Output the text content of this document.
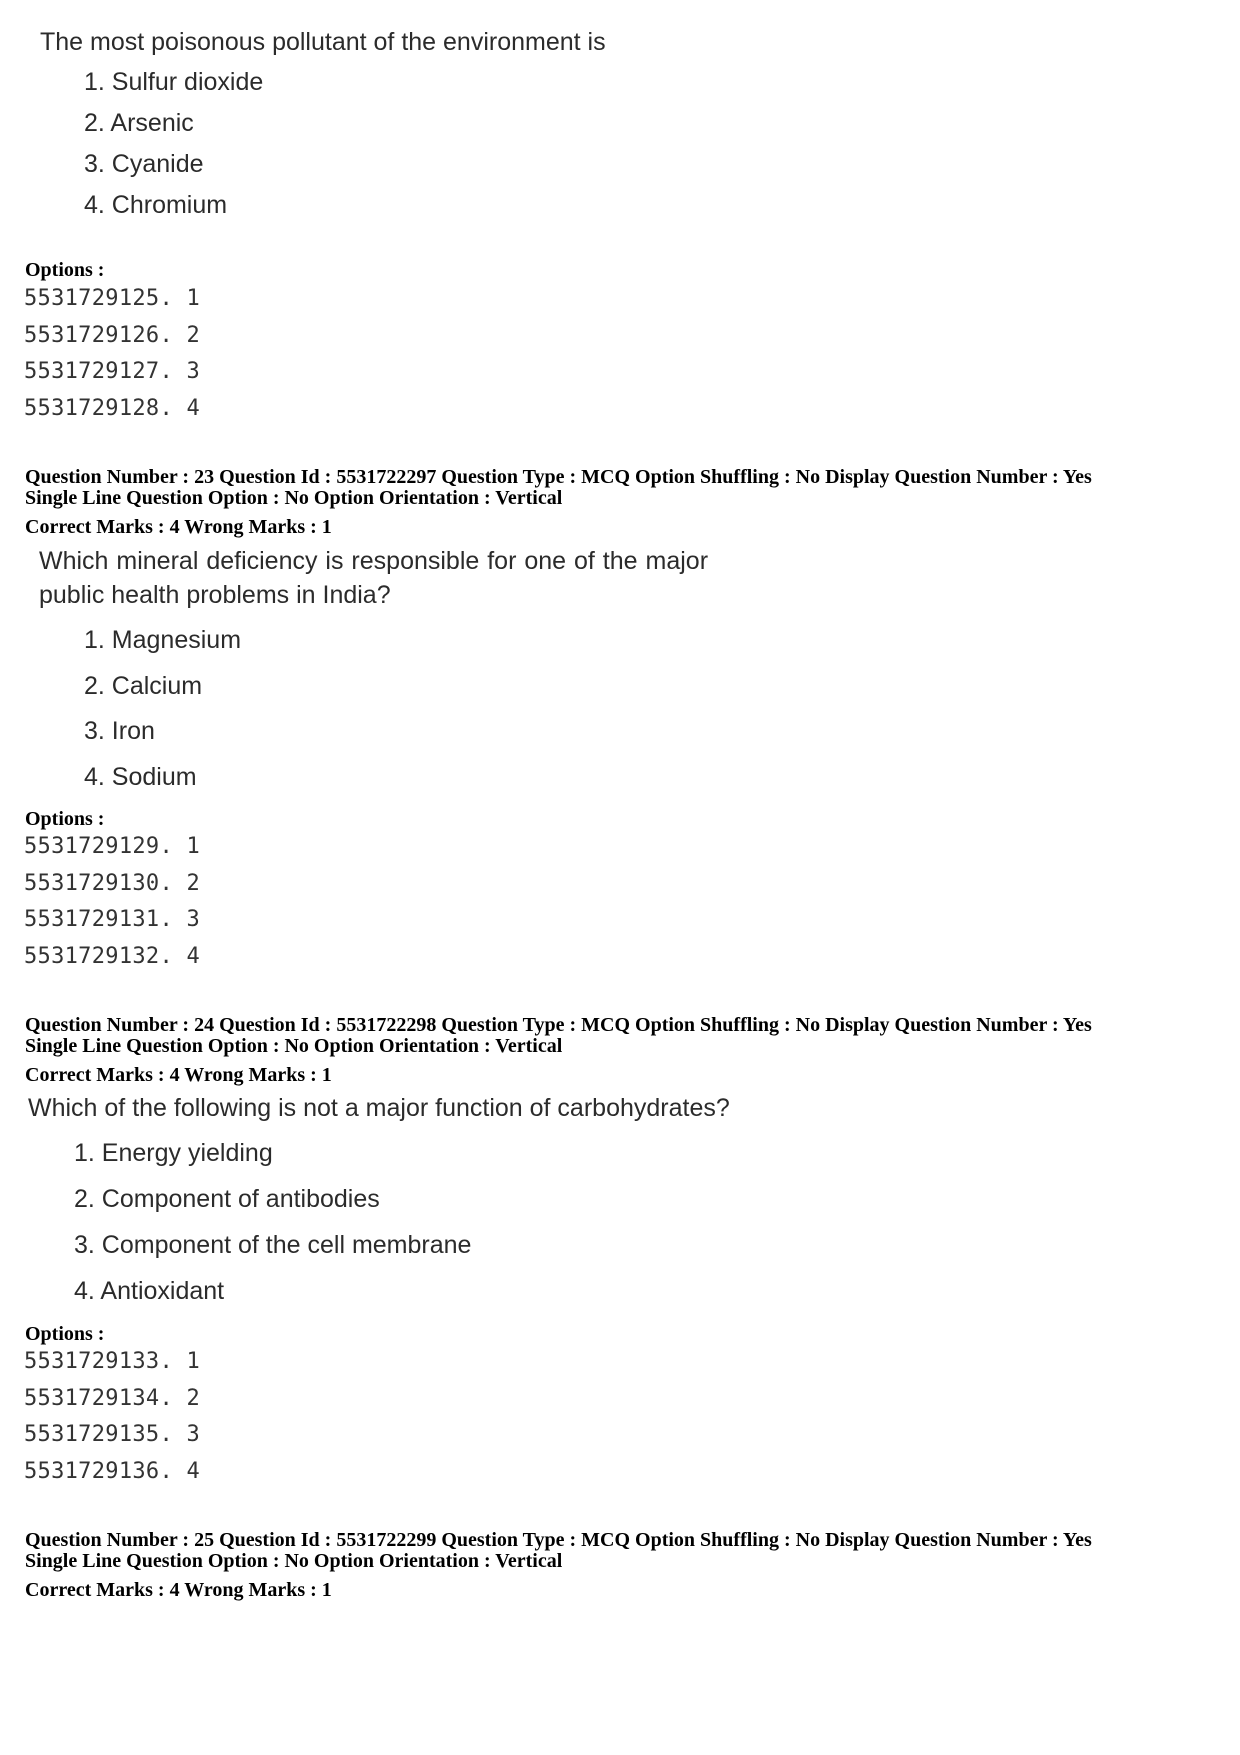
The most poisonous pollutant of the environment is
1. Sulfur dioxide
2. Arsenic
3. Cyanide
4. Chromium
Options :
5531729125. 1
5531729126. 2
5531729127. 3
5531729128. 4
Question Number : 23 Question Id : 5531722297 Question Type : MCQ Option Shuffling : No Display Question Number : Yes
Single Line Question Option : No Option Orientation : Vertical
Correct Marks : 4 Wrong Marks : 1
Which mineral deficiency is responsible for one of the major
public health problems in India?
1. Magnesium
2. Calcium
3. Iron
4. Sodium
Options :
5531729129. 1
5531729130. 2
5531729131. 3
5531729132. 4
Question Number : 24 Question Id : 5531722298 Question Type : MCQ Option Shuffling : No Display Question Number : Yes
Single Line Question Option : No Option Orientation : Vertical
Correct Marks : 4 Wrong Marks : 1
Which of the following is not a major function of carbohydrates?
1. Energy yielding
2. Component of antibodies
3. Component of the cell membrane
4. Antioxidant
Options :
5531729133. 1
5531729134. 2
5531729135. 3
5531729136. 4
Question Number : 25 Question Id : 5531722299 Question Type : MCQ Option Shuffling : No Display Question Number : Yes
Single Line Question Option : No Option Orientation : Vertical
Correct Marks : 4 Wrong Marks : 1
